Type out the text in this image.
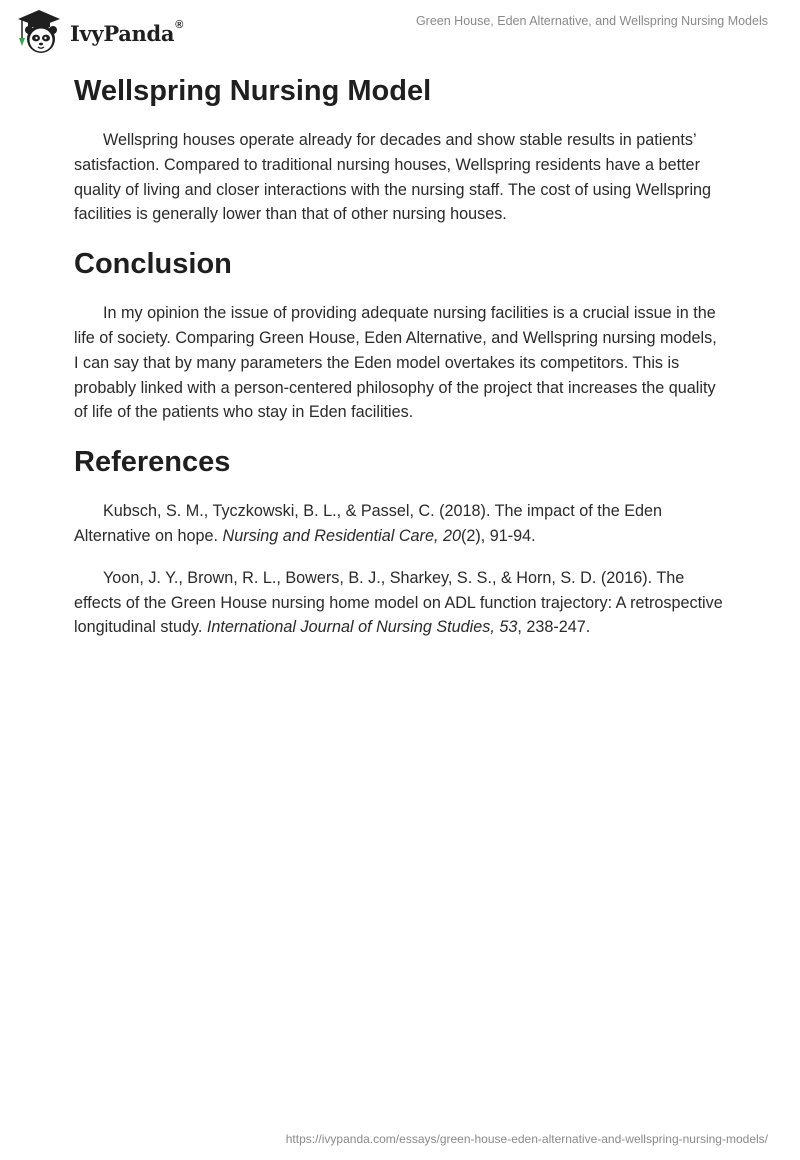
IvyPanda®	Green House, Eden Alternative, and Wellspring Nursing Models
Wellspring Nursing Model

Wellspring houses operate already for decades and show stable results in patients’ satisfaction. Compared to traditional nursing houses, Wellspring residents have a better quality of living and closer interactions with the nursing staff. The cost of using Wellspring facilities is generally lower than that of other nursing houses.

Conclusion

In my opinion the issue of providing adequate nursing facilities is a crucial issue in the life of society. Comparing Green House, Eden Alternative, and Wellspring nursing models, I can say that by many parameters the Eden model overtakes its competitors. This is probably linked with a person-centered philosophy of the project that increases the quality of life of the patients who stay in Eden facilities.

References

Kubsch, S. M., Tyczkowski, B. L., & Passel, C. (2018). The impact of the Eden Alternative on hope. Nursing and Residential Care, 20(2), 91-94.

Yoon, J. Y., Brown, R. L., Bowers, B. J., Sharkey, S. S., & Horn, S. D. (2016). The effects of the Green House nursing home model on ADL function trajectory: A retrospective longitudinal study. International Journal of Nursing Studies, 53, 238-247.

https://ivypanda.com/essays/green-house-eden-alternative-and-wellspring-nursing-models/
